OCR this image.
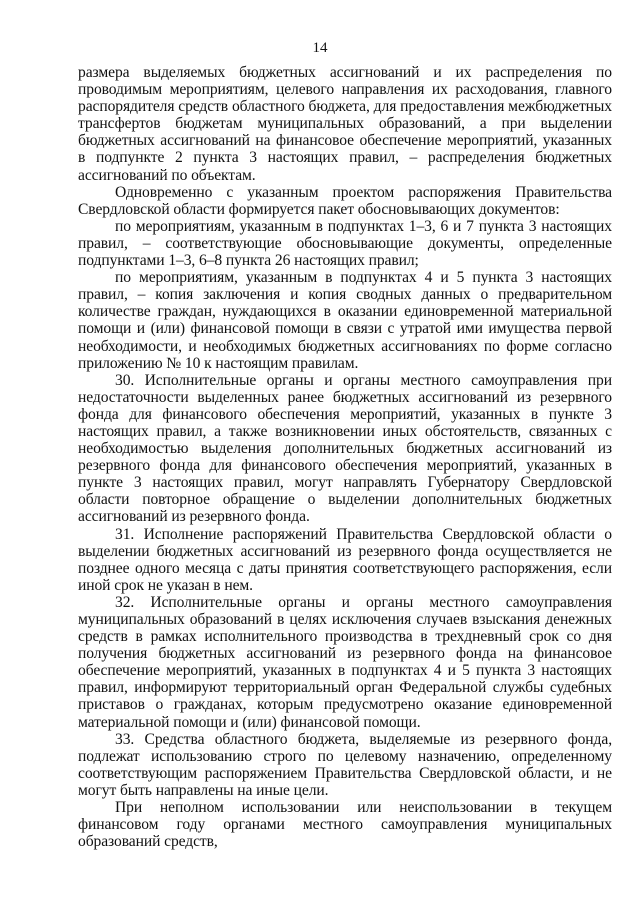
14

размера выделяемых бюджетных ассигнований и их распределения по проводимым мероприятиям, целевого направления их расходования, главного распорядителя средств областного бюджета, для предоставления межбюджетных трансфертов бюджетам муниципальных образований, а при выделении бюджетных ассигнований на финансовое обеспечение мероприятий, указанных в подпункте 2 пункта 3 настоящих правил, – распределения бюджетных ассигнований по объектам.

Одновременно с указанным проектом распоряжения Правительства Свердловской области формируется пакет обосновывающих документов:

по мероприятиям, указанным в подпунктах 1–3, 6 и 7 пункта 3 настоящих правил, – соответствующие обосновывающие документы, определенные подпунктами 1–3, 6–8 пункта 26 настоящих правил;

по мероприятиям, указанным в подпунктах 4 и 5 пункта 3 настоящих правил, – копия заключения и копия сводных данных о предварительном количестве граждан, нуждающихся в оказании единовременной материальной помощи и (или) финансовой помощи в связи с утратой ими имущества первой необходимости, и необходимых бюджетных ассигнованиях по форме согласно приложению № 10 к настоящим правилам.

30. Исполнительные органы и органы местного самоуправления при недостаточности выделенных ранее бюджетных ассигнований из резервного фонда для финансового обеспечения мероприятий, указанных в пункте 3 настоящих правил, а также возникновении иных обстоятельств, связанных с необходимостью выделения дополнительных бюджетных ассигнований из резервного фонда для финансового обеспечения мероприятий, указанных в пункте 3 настоящих правил, могут направлять Губернатору Свердловской области повторное обращение о выделении дополнительных бюджетных ассигнований из резервного фонда.

31. Исполнение распоряжений Правительства Свердловской области о выделении бюджетных ассигнований из резервного фонда осуществляется не позднее одного месяца с даты принятия соответствующего распоряжения, если иной срок не указан в нем.

32. Исполнительные органы и органы местного самоуправления муниципальных образований в целях исключения случаев взыскания денежных средств в рамках исполнительного производства в трехдневный срок со дня получения бюджетных ассигнований из резервного фонда на финансовое обеспечение мероприятий, указанных в подпунктах 4 и 5 пункта 3 настоящих правил, информируют территориальный орган Федеральной службы судебных приставов о гражданах, которым предусмотрено оказание единовременной материальной помощи и (или) финансовой помощи.

33. Средства областного бюджета, выделяемые из резервного фонда, подлежат использованию строго по целевому назначению, определенному соответствующим распоряжением Правительства Свердловской области, и не могут быть направлены на иные цели.

При неполном использовании или неиспользовании в текущем финансовом году органами местного самоуправления муниципальных образований средств,
